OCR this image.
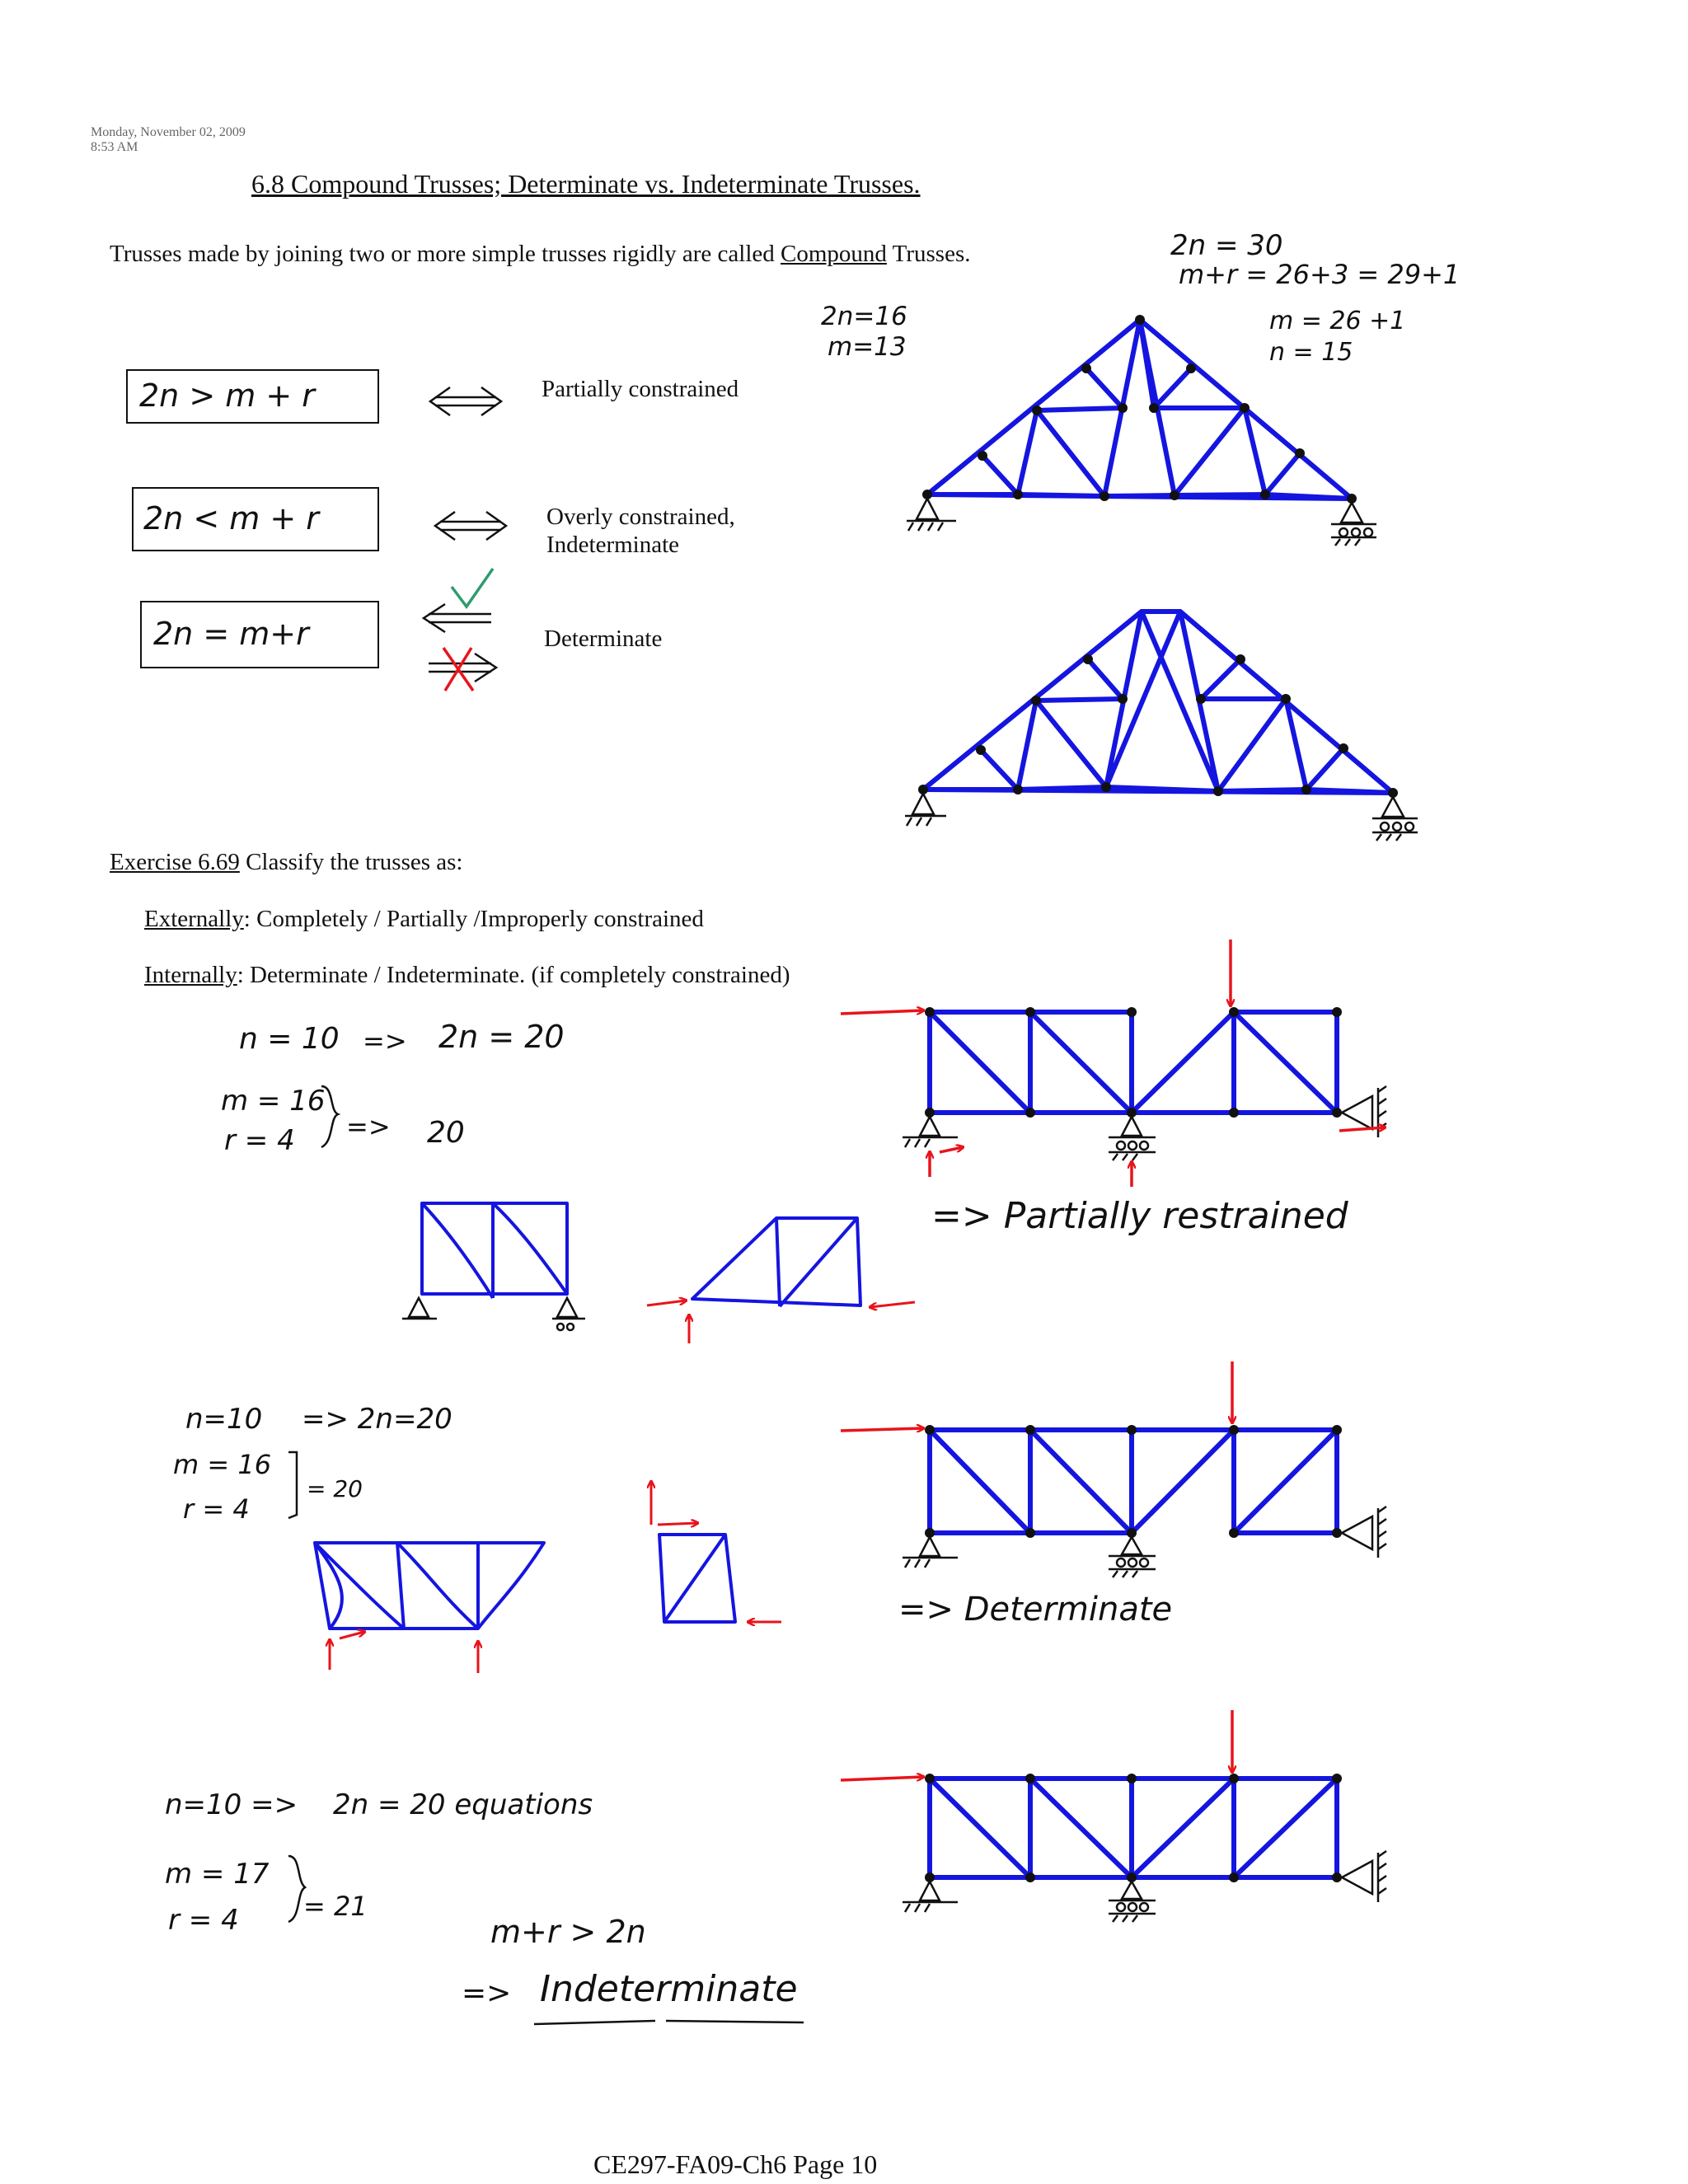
Monday, November 02, 2009
8:53 AM
6.8 Compound Trusses; Determinate vs. Indeterminate Trusses.
Trusses made by joining two or more simple trusses rigidly are called Compound Trusses.
2n > m + r
2n < m + r
2n = m+r
Partially constrained
Overly constrained,
Indeterminate
Determinate
2n=16
m=13
2n = 30
m+r = 26+3 = 29+1
m = 26 +1
n = 15
Exercise 6.69 Classify the trusses as:
Externally: Completely / Partially /Improperly constrained
Internally: Determinate / Indeterminate. (if completely constrained)
n = 10 => 2n = 20
m = 16
r = 4 => 20
=> Partially restrained
n=10 => 2n=20
m = 16
r = 4
= 20
=> Determinate
n=10 => 2n = 20 equations
m = 17
r = 4 = 21
m+r > 2n
=> Indeterminate
CE297-FA09-Ch6 Page 10
